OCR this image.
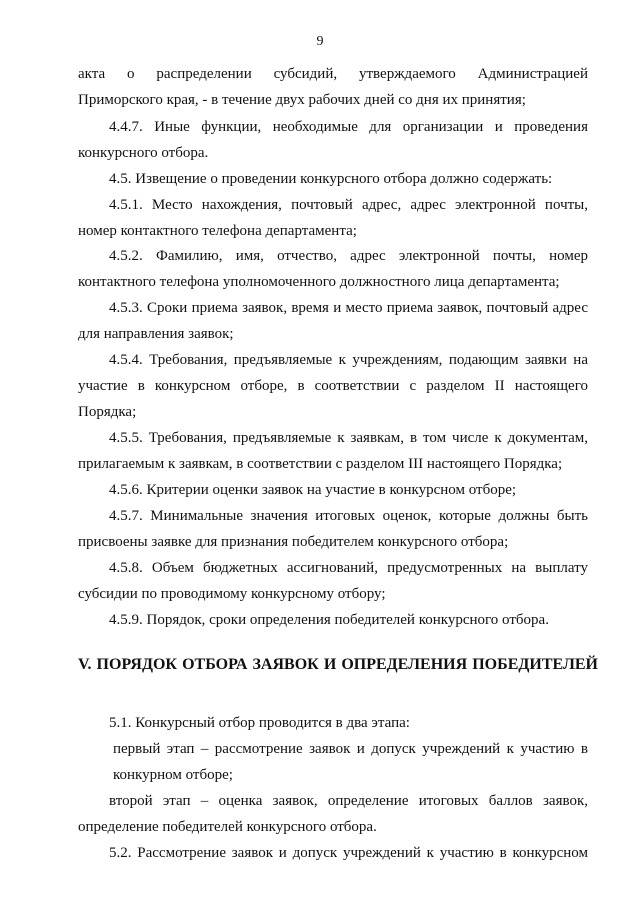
9
акта о распределении субсидий, утверждаемого Администрацией
Приморского края, - в течение двух рабочих дней со дня их принятия;
4.4.7. Иные функции, необходимые для организации и проведения
конкурсного отбора.
4.5. Извещение о проведении конкурсного отбора должно содержать:
4.5.1. Место нахождения, почтовый адрес, адрес электронной почты,
номер контактного телефона департамента;
4.5.2. Фамилию, имя, отчество, адрес электронной почты, номер
контактного телефона уполномоченного должностного лица департамента;
4.5.3. Сроки приема заявок, время и место приема заявок, почтовый адрес
для направления заявок;
4.5.4. Требования, предъявляемые к учреждениям, подающим заявки на
участие в конкурсном отборе, в соответствии с разделом II настоящего
Порядка;
4.5.5. Требования, предъявляемые к заявкам, в том числе к документам,
прилагаемым к заявкам, в соответствии с разделом III настоящего Порядка;
4.5.6. Критерии оценки заявок на участие в конкурсном отборе;
4.5.7. Минимальные значения итоговых оценок, которые должны быть
присвоены заявке для признания победителем конкурсного отбора;
4.5.8. Объем бюджетных ассигнований, предусмотренных на выплату
субсидии по проводимому конкурсному отбору;
4.5.9. Порядок, сроки определения победителей конкурсного отбора.
V. ПОРЯДОК ОТБОРА ЗАЯВОК И ОПРЕДЕЛЕНИЯ ПОБЕДИТЕЛЕЙ
5.1. Конкурсный отбор проводится в два этапа:
первый этап – рассмотрение заявок и допуск учреждений к участию в
конкурном отборе;
второй этап – оценка заявок, определение итоговых баллов заявок,
определение победителей конкурсного отбора.
5.2. Рассмотрение заявок и допуск учреждений к участию в конкурсном
